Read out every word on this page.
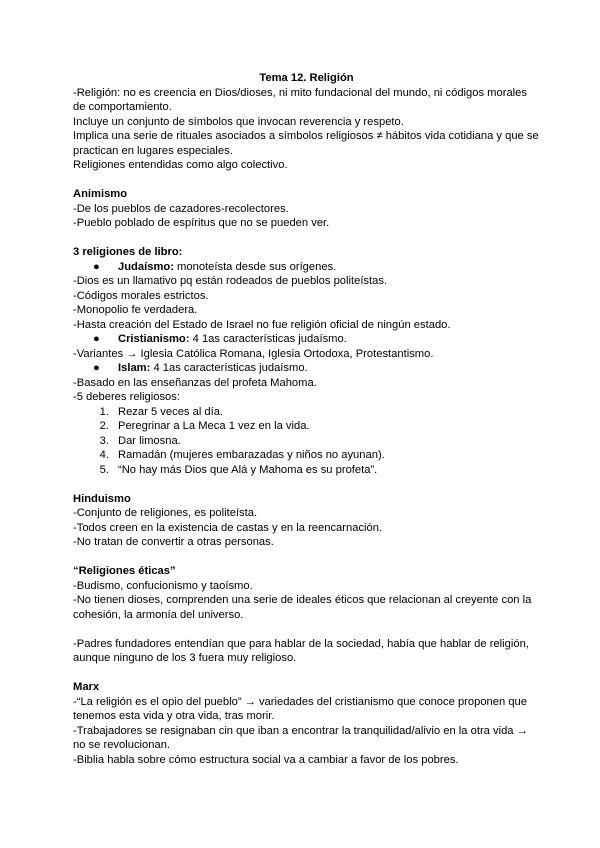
Tema 12. Religión

-Religión: no es creencia en Dios/dioses, ni mito fundacional del mundo, ni códigos morales de comportamiento.

Incluye un conjunto de símbolos que invocan reverencia y respeto.

Implica una serie de rituales asociados a símbolos religiosos ≠ hábitos vida cotidiana y que se practican en lugares especiales.

Religiones entendidas como algo colectivo.

Animismo

-De los pueblos de cazadores-recolectores.

-Pueblo poblado de espíritus que no se pueden ver.

3 religiones de libro:

● Judaísmo: monoteísta desde sus orígenes.

-Dios es un llamativo pq están rodeados de pueblos politeístas.

-Códigos morales estrictos.

-Monopolio fe verdadera.

-Hasta creación del Estado de Israel no fue religión oficial de ningún estado.

● Cristianismo: 4 1as características judaísmo.

-Variantes → Iglesia Católica Romana, Iglesia Ortodoxa, Protestantismo.

● Islam: 4 1as características judaísmo.

-Basado en las enseñanzas del profeta Mahoma.

-5 deberes religiosos:

1. Rezar 5 veces al día.
2. Peregrinar a La Meca 1 vez en la vida.
3. Dar limosna.
4. Ramadán (mujeres embarazadas y niños no ayunan).
5. “No hay más Dios que Alá y Mahoma es su profeta”.

Hinduismo

-Conjunto de religiones, es politeísta.

-Todos creen en la existencia de castas y en la reencarnación.

-No tratan de convertir a otras personas.

“Religiones éticas”

-Budismo, confucionismo y taoísmo.

-No tienen dioses, comprenden una serie de ideales éticos que relacionan al creyente con la cohesión, la armonía del universo.

-Padres fundadores entendían que para hablar de la sociedad, había que hablar de religión, aunque ninguno de los 3 fuera muy religioso.

Marx

-“La religión es el opio del pueblo” → variedades del cristianismo que conoce proponen que tenemos esta vida y otra vida, tras morir.

-Trabajadores se resignaban cin que iban a encontrar la tranquilidad/alivio en la otra vida → no se revolucionan.

-Biblia habla sobre cómo estructura social va a cambiar a favor de los pobres.
